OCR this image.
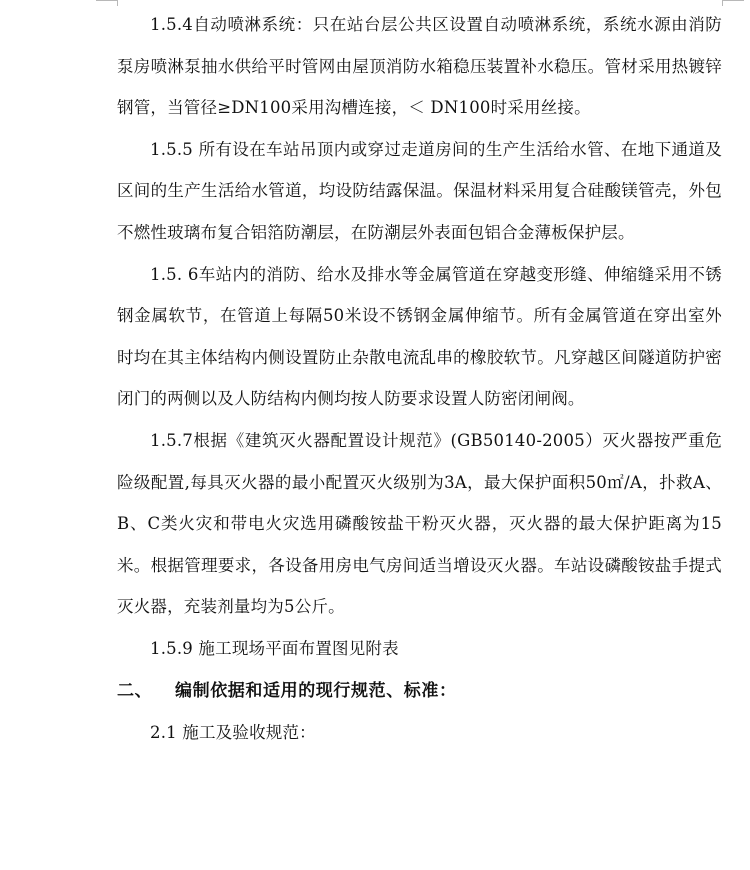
1.5.4自动喷淋系统：只在站台层公共区设置自动喷淋系统，系统水源由消防泵房喷淋泵抽水供给平时管网由屋顶消防水箱稳压装置补水稳压。管材采用热镀锌钢管，当管径≥DN100采用沟槽连接，＜ DN100时采用丝接。

1.5.5 所有设在车站吊顶内或穿过走道房间的生产生活给水管、在地下通道及区间的生产生活给水管道，均设防结露保温。保温材料采用复合硅酸镁管壳，外包不燃性玻璃布复合铝箔防潮层，在防潮层外表面包铝合金薄板保护层。

1.5. 6车站内的消防、给水及排水等金属管道在穿越变形缝、伸缩缝采用不锈钢金属软节，在管道上每隔50米设不锈钢金属伸缩节。所有金属管道在穿出室外时均在其主体结构内侧设置防止杂散电流乱串的橡胶软节。凡穿越区间隧道防护密闭门的两侧以及人防结构内侧均按人防要求设置人防密闭闸阀。

1.5.7根据《建筑灭火器配置设计规范》(GB50140-2005）灭火器按严重危险级配置,每具灭火器的最小配置灭火级别为3A，最大保护面积50㎡/A，扑救A、B、C类火灾和带电火灾选用磷酸铵盐干粉灭火器，灭火器的最大保护距离为15米。根据管理要求，各设备用房电气房间适当增设灭火器。车站设磷酸铵盐手提式灭火器，充装剂量均为5公斤。

1.5.9 施工现场平面布置图见附表

二、 编制依据和适用的现行规范、标准：

2.1 施工及验收规范：
